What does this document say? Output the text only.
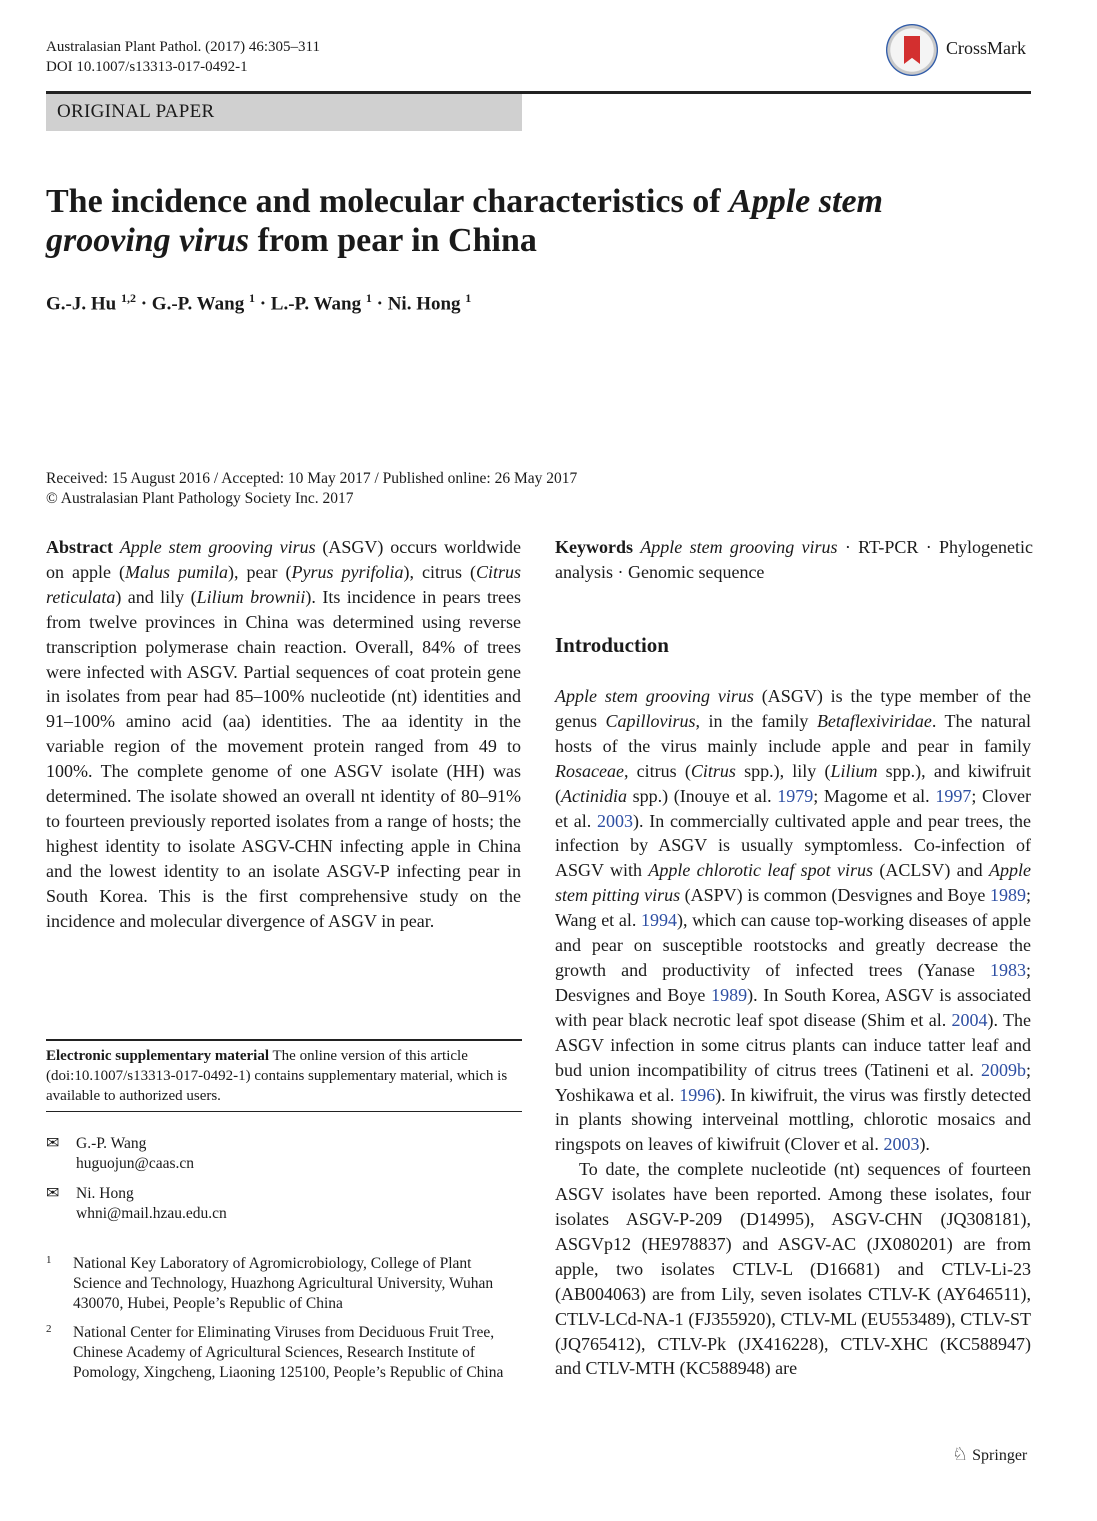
Australasian Plant Pathol. (2017) 46:305–311
DOI 10.1007/s13313-017-0492-1
CrossMark
ORIGINAL PAPER
The incidence and molecular characteristics of Apple stem
grooving virus from pear in China
G.-J. Hu $^{1,2}$ · G.-P. Wang $^1$ · L.-P. Wang $^1$ · Ni. Hong $^1$
Received: 15 August 2016 / Accepted: 10 May 2017 / Published online: 26 May 2017
© Australasian Plant Pathology Society Inc. 2017
Abstract Apple stem grooving virus (ASGV) occurs worldwide on apple (Malus pumila), pear (Pyrus pyrifolia), citrus (Citrus reticulata) and lily (Lilium brownii). Its incidence in pears trees from twelve provinces in China was determined using reverse transcription polymerase chain reaction. Overall, 84% of trees were infected with ASGV. Partial sequences of coat protein gene in isolates from pear had 85–100% nucleotide (nt) identities and 91–100% amino acid (aa) identities. The aa identity in the variable region of the movement protein ranged from 49 to 100%. The complete genome of one ASGV isolate (HH) was determined. The isolate showed an overall nt identity of 80–91% to fourteen previously reported isolates from a range of hosts; the highest identity to isolate ASGV-CHN infecting apple in China and the lowest identity to an isolate ASGV-P infecting pear in South Korea. This is the first comprehensive study on the incidence and molecular divergence of ASGV in pear.
Keywords Apple stem grooving virus · RT-PCR · Phylogenetic analysis · Genomic sequence
Introduction

Apple stem grooving virus (ASGV) is the type member of the genus Capillovirus, in the family Betaflexiviridae. The natural hosts of the virus mainly include apple and pear in family Rosaceae, citrus (Citrus spp.), lily (Lilium spp.), and kiwifruit (Actinidia spp.) (Inouye et al. 1979; Magome et al. 1997; Clover et al. 2003). In commercially cultivated apple and pear trees, the infection by ASGV is usually symptomless. Co-infection of ASGV with Apple chlorotic leaf spot virus (ACLSV) and Apple stem pitting virus (ASPV) is common (Desvignes and Boye 1989; Wang et al. 1994), which can cause top-working diseases of apple and pear on susceptible rootstocks and greatly decrease the growth and productivity of infected trees (Yanase 1983; Desvignes and Boye 1989). In South Korea, ASGV is associated with pear black necrotic leaf spot disease (Shim et al. 2004). The ASGV infection in some citrus plants can induce tatter leaf and bud union incompatibility of citrus trees (Tatineni et al. 2009b; Yoshikawa et al. 1996). In kiwifruit, the virus was firstly detected in plants showing interveinal mottling, chlorotic mosaics and ringspots on leaves of kiwifruit (Clover et al. 2003).

To date, the complete nucleotide (nt) sequences of fourteen ASGV isolates have been reported. Among these isolates, four isolates ASGV-P-209 (D14995), ASGV-CHN (JQ308181), ASGVp12 (HE978837) and ASGV-AC (JX080201) are from apple, two isolates CTLV-L (D16681) and CTLV-Li-23 (AB004063) are from Lily, seven isolates CTLV-K (AY646511), CTLV-LCd-NA-1 (FJ355920), CTLV-ML (EU553489), CTLV-ST (JQ765412), CTLV-Pk (JX416228), CTLV-XHC (KC588947) and CTLV-MTH (KC588948) are

Electronic supplementary material The online version of this article (doi:10.1007/s13313-017-0492-1) contains supplementary material, which is available to authorized users.
✉ G.-P. Wang
huguojun@caas.cn
✉ Ni. Hong
whni@mail.hzau.edu.cn
1 National Key Laboratory of Agromicrobiology, College of Plant Science and Technology, Huazhong Agricultural University, Wuhan 430070, Hubei, People’s Republic of China
2 National Center for Eliminating Viruses from Deciduous Fruit Tree, Chinese Academy of Agricultural Sciences, Research Institute of Pomology, Xingcheng, Liaoning 125100, People’s Republic of China
♘ Springer
